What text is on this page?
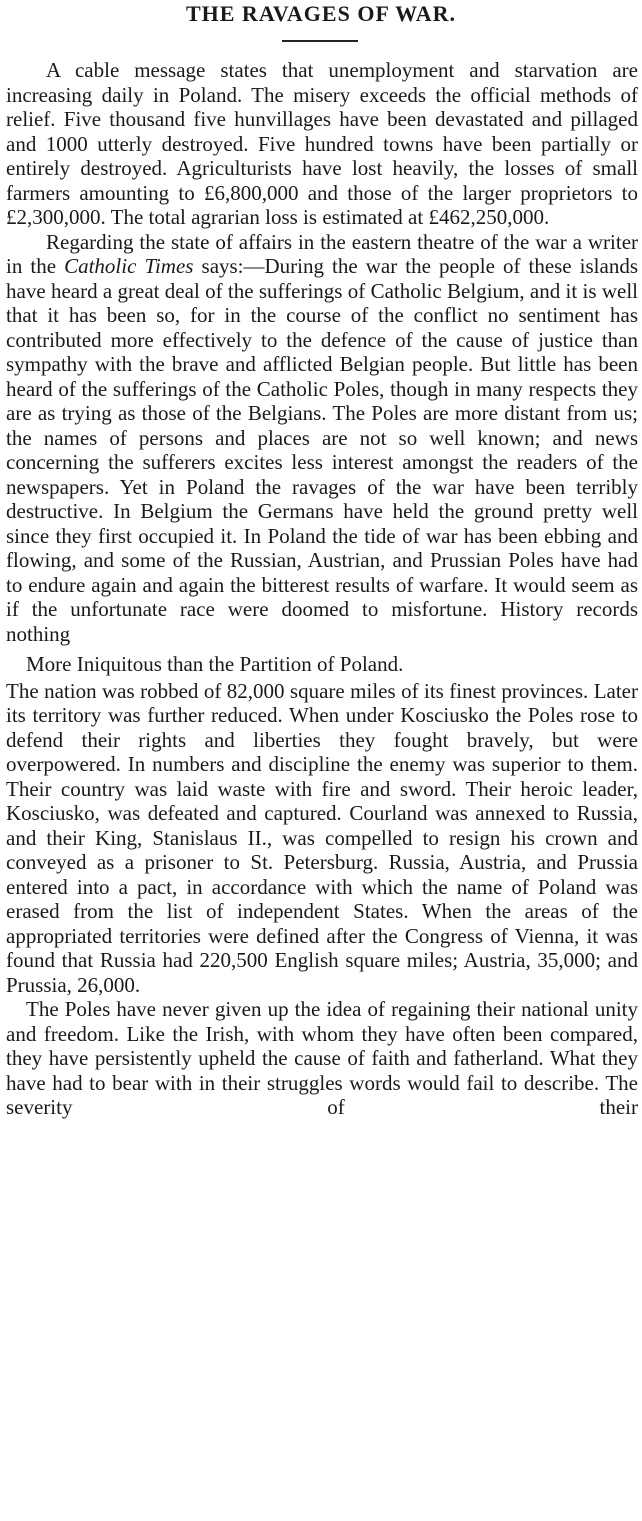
THE RAVAGES OF WAR.

A cable message states that unemployment and starvation are increasing daily in Poland. The misery exceeds the official methods of relief. Five thousand five hunvillages have been devastated and pillaged and 1000 utterly destroyed. Five hundred towns have been partially or entirely destroyed. Agriculturists have lost heavily, the losses of small farmers amounting to £6,800,000 and those of the larger proprietors to £2,300,000. The total agrarian loss is estimated at £462,250,000.

Regarding the state of affairs in the eastern theatre of the war a writer in the Catholic Times says:—During the war the people of these islands have heard a great deal of the sufferings of Catholic Belgium, and it is well that it has been so, for in the course of the conflict no sentiment has contributed more effectively to the defence of the cause of justice than sympathy with the brave and afflicted Belgian people. But little has been heard of the sufferings of the Catholic Poles, though in many respects they are as trying as those of the Belgians. The Poles are more distant from us; the names of persons and places are not so well known; and news concerning the sufferers excites less interest amongst the readers of the newspapers. Yet in Poland the ravages of the war have been terribly destructive. In Belgium the Germans have held the ground pretty well since they first occupied it. In Poland the tide of war has been ebbing and flowing, and some of the Russian, Austrian, and Prussian Poles have had to endure again and again the bitterest results of warfare. It would seem as if the unfortunate race were doomed to misfortune. History records nothing

More Iniquitous than the Partition of Poland.

The nation was robbed of 82,000 square miles of its finest provinces. Later its territory was further reduced. When under Kosciusko the Poles rose to defend their rights and liberties they fought bravely, but were overpowered. In numbers and discipline the enemy was superior to them. Their country was laid waste with fire and sword. Their heroic leader, Kosciusko, was defeated and captured. Courland was annexed to Russia, and their King, Stanislaus II., was compelled to resign his crown and conveyed as a prisoner to St. Petersburg. Russia, Austria, and Prussia entered into a pact, in accordance with which the name of Poland was erased from the list of independent States. When the areas of the appropriated territories were defined after the Congress of Vienna, it was found that Russia had 220,500 English square miles; Austria, 35,000; and Prussia, 26,000.

The Poles have never given up the idea of regaining their national unity and freedom. Like the Irish, with whom they have often been compared, they have persistently upheld the cause of faith and fatherland. What they have had to bear with in their struggles words would fail to describe. The severity of their
